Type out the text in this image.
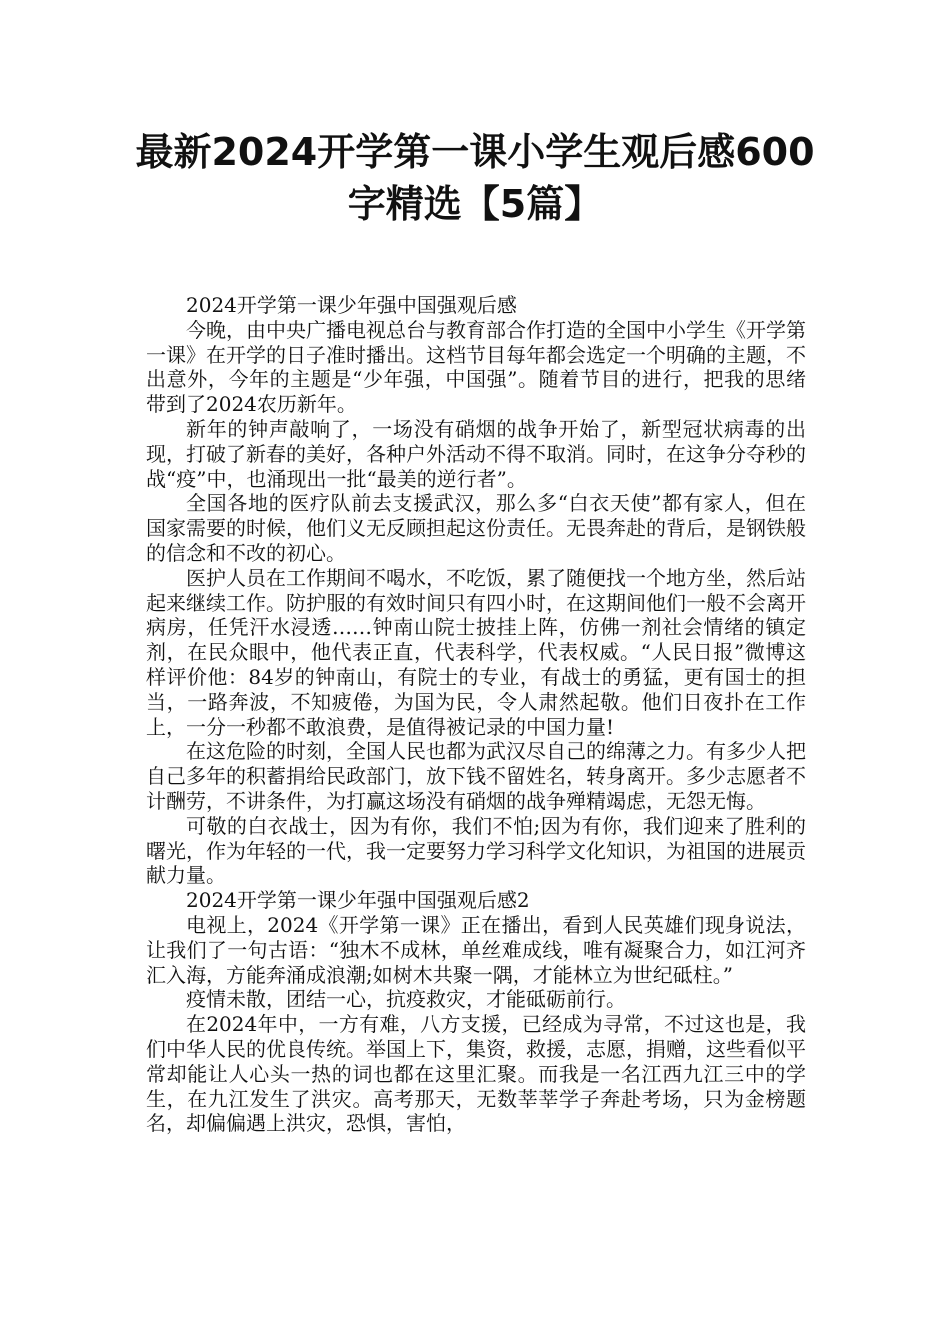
最新2024开学第一课小学生观后感600
字精选【5篇】

2024开学第一课少年强中国强观后感

今晚，由中央广播电视总台与教育部合作打造的全国中小学生《开学第一课》在开学的日子准时播出。这档节目每年都会选定一个明确的主题，不出意外，今年的主题是“少年强，中国强”。随着节目的进行，把我的思绪带到了2024农历新年。

新年的钟声敲响了，一场没有硝烟的战争开始了，新型冠状病毒的出现，打破了新春的美好，各种户外活动不得不取消。同时，在这争分夺秒的战“疫”中，也涌现出一批“最美的逆行者”。

全国各地的医疗队前去支援武汉，那么多“白衣天使”都有家人，但在国家需要的时候，他们义无反顾担起这份责任。无畏奔赴的背后，是钢铁般的信念和不改的初心。

医护人员在工作期间不喝水，不吃饭，累了随便找一个地方坐，然后站起来继续工作。防护服的有效时间只有四小时，在这期间他们一般不会离开病房，任凭汗水浸透……钟南山院士披挂上阵，仿佛一剂社会情绪的镇定剂，在民众眼中，他代表正直，代表科学，代表权威。“人民日报”微博这样评价他：84岁的钟南山，有院士的专业，有战士的勇猛，更有国士的担当，一路奔波，不知疲倦，为国为民，令人肃然起敬。他们日夜扑在工作上，一分一秒都不敢浪费，是值得被记录的中国力量!

在这危险的时刻，全国人民也都为武汉尽自己的绵薄之力。有多少人把自己多年的积蓄捐给民政部门，放下钱不留姓名，转身离开。多少志愿者不计酬劳，不讲条件，为打赢这场没有硝烟的战争殚精竭虑，无怨无悔。

可敬的白衣战士，因为有你，我们不怕;因为有你，我们迎来了胜利的曙光，作为年轻的一代，我一定要努力学习科学文化知识，为祖国的进展贡献力量。

2024开学第一课少年强中国强观后感2

电视上，2024《开学第一课》正在播出，看到人民英雄们现身说法，让我们了一句古语：“独木不成林，单丝难成线，唯有凝聚合力，如江河齐汇入海，方能奔涌成浪潮;如树木共聚一隅，才能林立为世纪砥柱。”

疫情未散，团结一心，抗疫救灾，才能砥砺前行。

在2024年中，一方有难，八方支援，已经成为寻常，不过这也是，我们中华人民的优良传统。举国上下，集资，救援，志愿，捐赠，这些看似平常却能让人心头一热的词也都在这里汇聚。而我是一名江西九江三中的学生，在九江发生了洪灾。高考那天，无数莘莘学子奔赴考场，只为金榜题名，却偏偏遇上洪灾，恐惧，害怕，
